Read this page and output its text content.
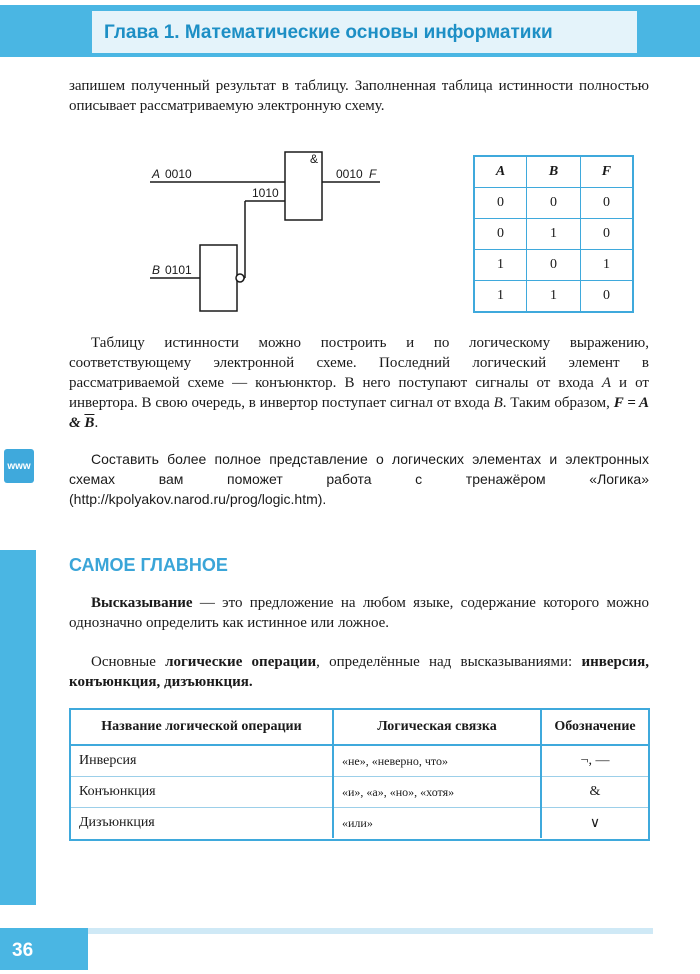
Глава 1. Математические основы информатики

запишем полученный результат в таблицу. Заполненная таблица истинности полностью описывает рассматриваемую электронную схему.

&
A 0010
1010
0010 F
B 0101
A	B	F
0	0	0
0	1	0
1	0	1
1	1	0

Таблицу истинности можно построить и по логическому выражению, соответствующему электронной схеме. Последний логический элемент в рассматриваемой схеме — конъюнктор. В него поступают сигналы от входа A и от инвертора. В свою очередь, в инвертор поступает сигнал от входа B. Таким образом, F = A & $\overline{B}$.

www	Составить более полное представление о логических элементах и электронных схемах вам поможет работа с тренажёром «Логика» (http://kpolyakov.narod.ru/prog/logic.htm).

САМОЕ ГЛАВНОЕ

Высказывание — это предложение на любом языке, содержание которого можно однозначно определить как истинное или ложное.

Основные логические операции, определённые над высказываниями: инверсия, конъюнкция, дизъюнкция.

Название логической операции	Логическая связка	Обозначение
Инверсия	«не», «неверно, что»	¬, —
Конъюнкция	«и», «а», «но», «хотя»	&
Дизъюнкция	«или»	∨
36
